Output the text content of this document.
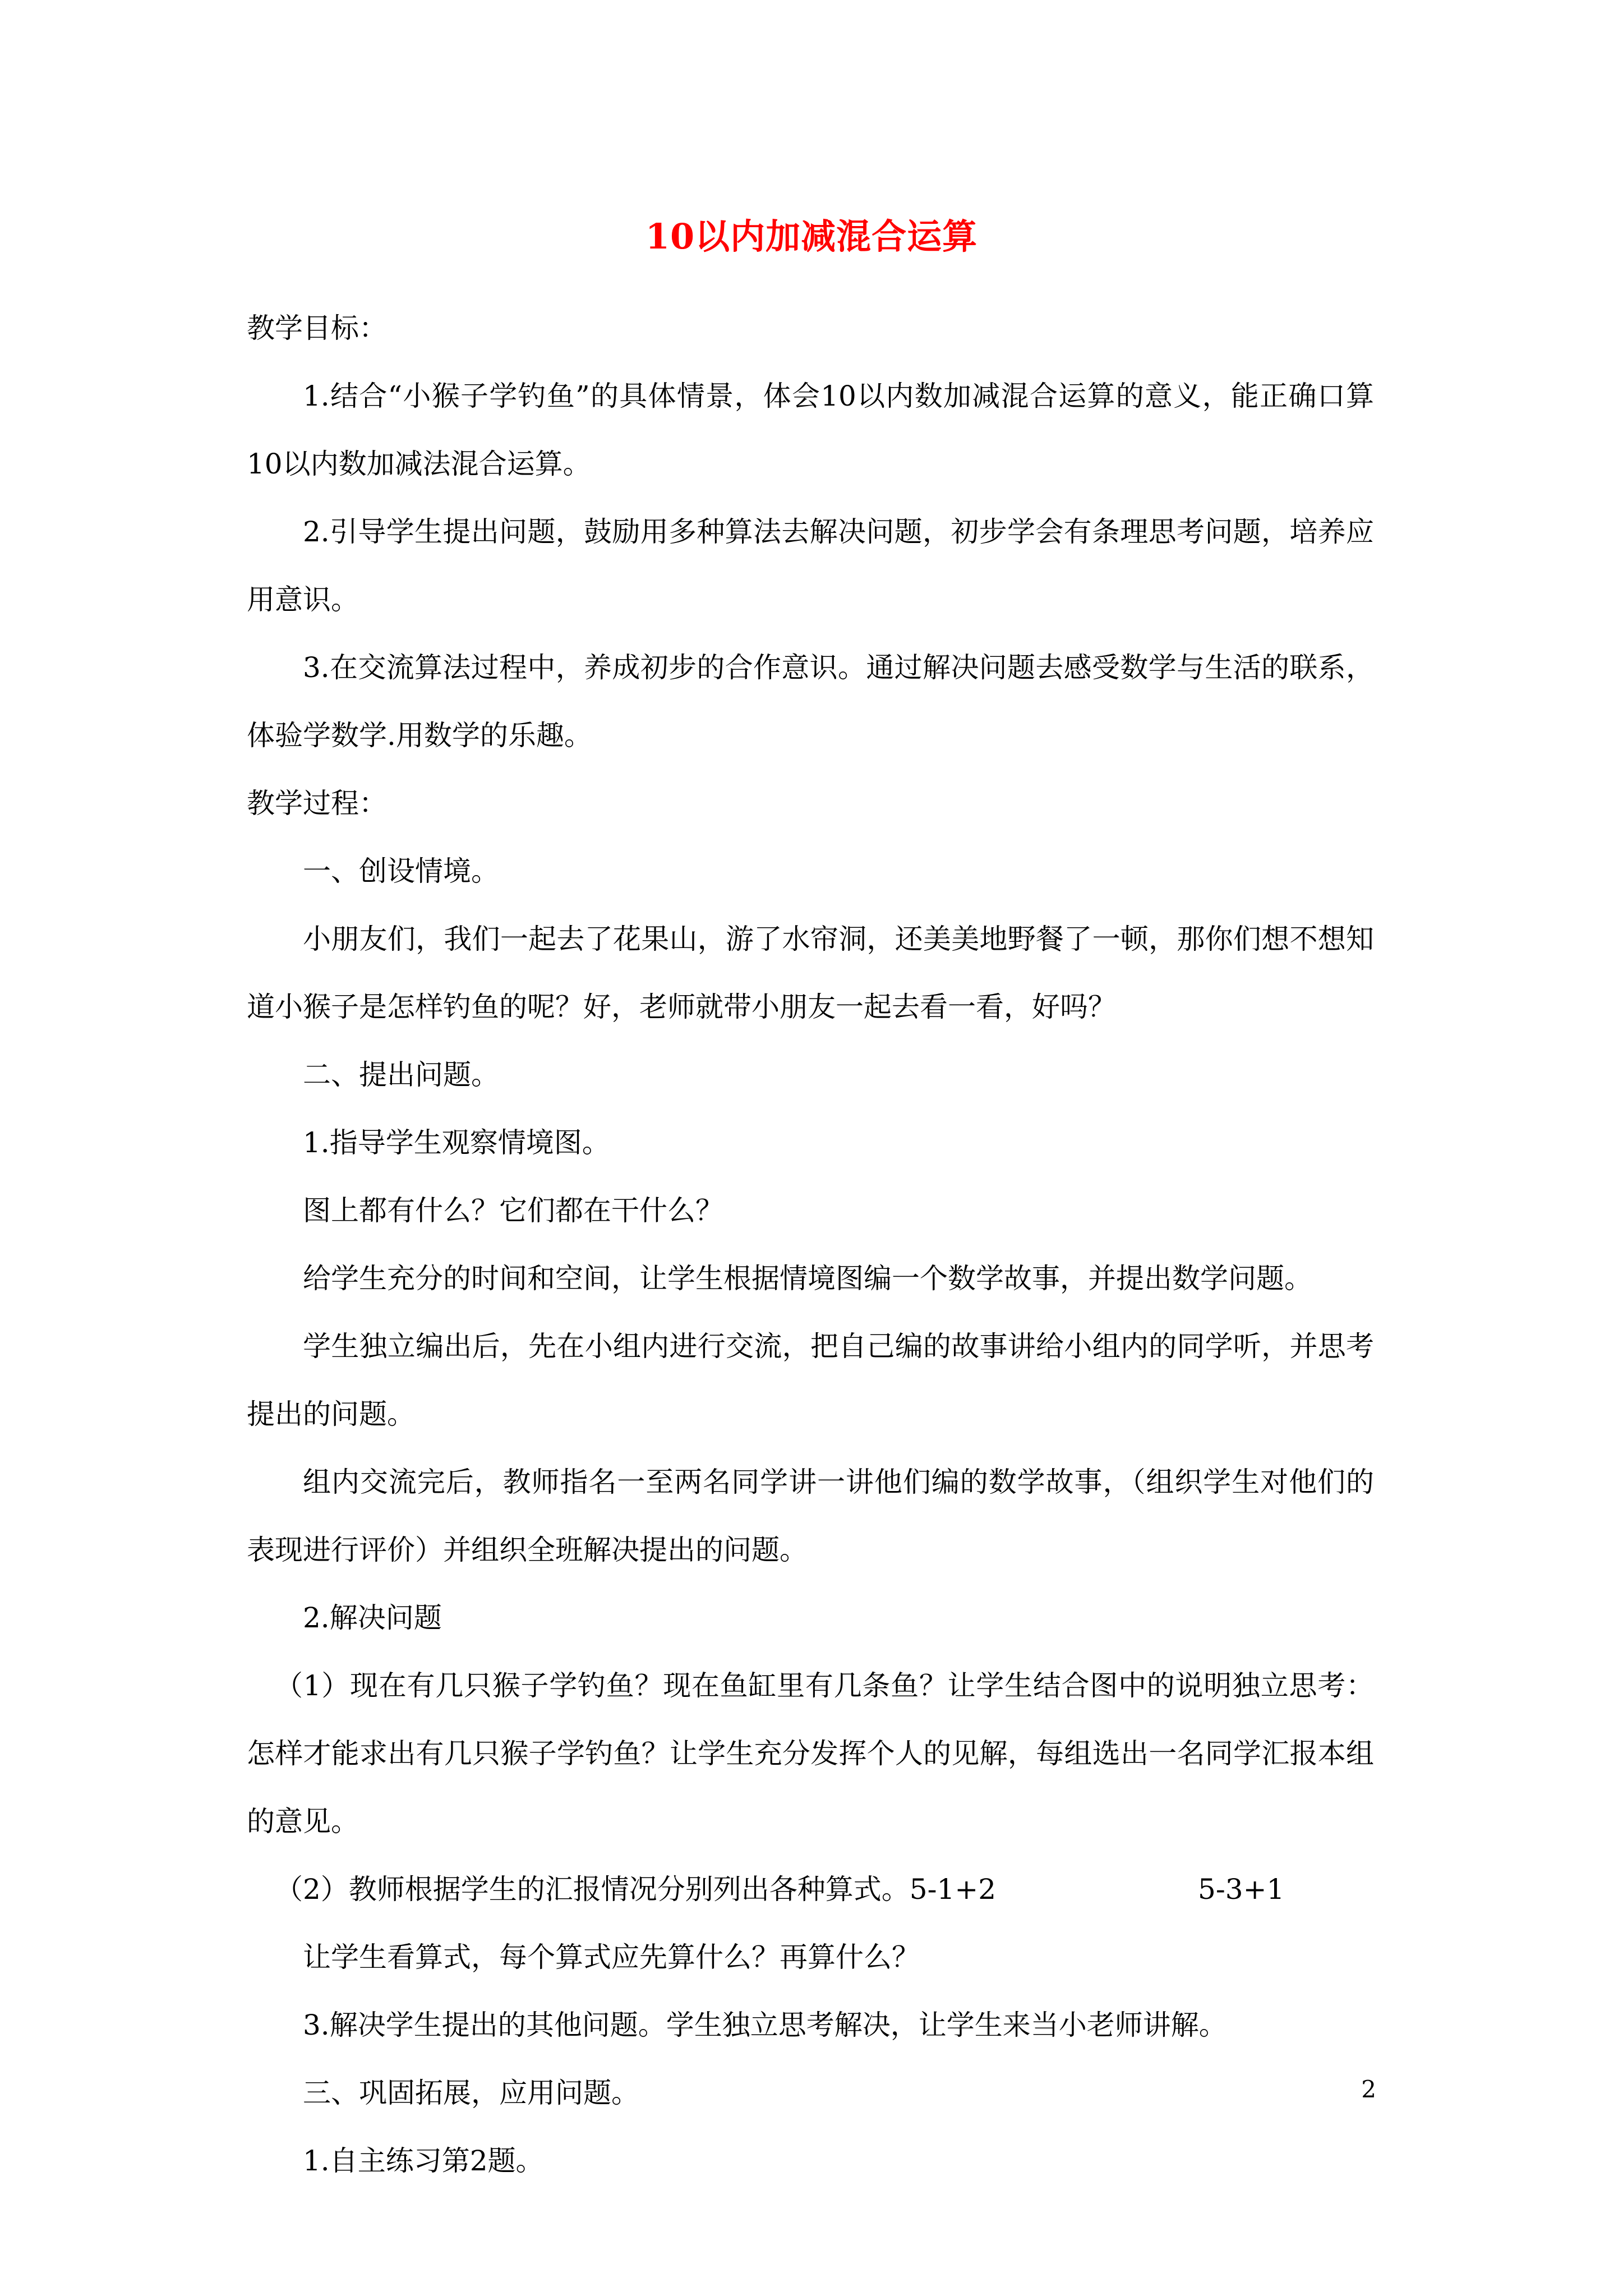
10以内加减混合运算

教学目标：

1.结合“小猴子学钓鱼”的具体情景，体会10以内数加减混合运算的意义，能正确口算10以内数加减法混合运算。

2.引导学生提出问题，鼓励用多种算法去解决问题，初步学会有条理思考问题，培养应用意识。

3.在交流算法过程中，养成初步的合作意识。通过解决问题去感受数学与生活的联系，体验学数学.用数学的乐趣。

教学过程：

一、创设情境。

小朋友们，我们一起去了花果山，游了水帘洞，还美美地野餐了一顿，那你们想不想知道小猴子是怎样钓鱼的呢？好，老师就带小朋友一起去看一看，好吗？

二、提出问题。

1.指导学生观察情境图。

图上都有什么？它们都在干什么？

给学生充分的时间和空间，让学生根据情境图编一个数学故事，并提出数学问题。

学生独立编出后，先在小组内进行交流，把自己编的故事讲给小组内的同学听，并思考提出的问题。

组内交流完后，教师指名一至两名同学讲一讲他们编的数学故事，（组织学生对他们的表现进行评价）并组织全班解决提出的问题。

2.解决问题

（1）现在有几只猴子学钓鱼？现在鱼缸里有几条鱼？让学生结合图中的说明独立思考：怎样才能求出有几只猴子学钓鱼？让学生充分发挥个人的见解，每组选出一名同学汇报本组的意见。

（2）教师根据学生的汇报情况分别列出各种算式。5-1+2	5-3+1

让学生看算式，每个算式应先算什么？再算什么？

3.解决学生提出的其他问题。学生独立思考解决，让学生来当小老师讲解。

三、巩固拓展，应用问题。

1.自主练习第2题。

2
